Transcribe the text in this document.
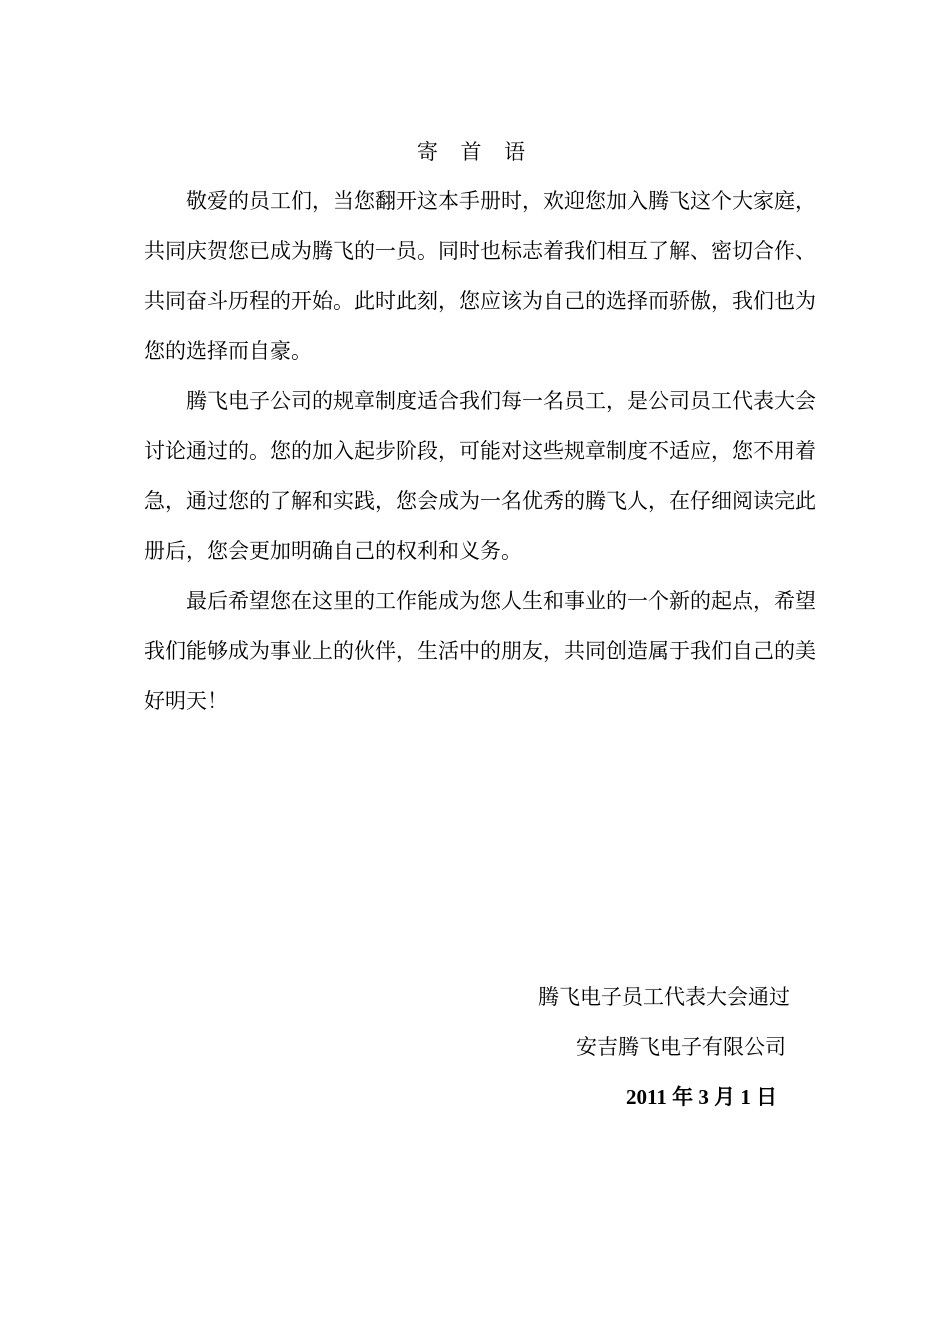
寄 首 语

敬爱的员工们，当您翻开这本手册时，欢迎您加入腾飞这个大家庭，共同庆贺您已成为腾飞的一员。同时也标志着我们相互了解、密切合作、共同奋斗历程的开始。此时此刻，您应该为自己的选择而骄傲，我们也为您的选择而自豪。

腾飞电子公司的规章制度适合我们每一名员工，是公司员工代表大会讨论通过的。您的加入起步阶段，可能对这些规章制度不适应，您不用着急，通过您的了解和实践，您会成为一名优秀的腾飞人，在仔细阅读完此册后，您会更加明确自己的权利和义务。

最后希望您在这里的工作能成为您人生和事业的一个新的起点，希望我们能够成为事业上的伙伴，生活中的朋友，共同创造属于我们自己的美好明天！

腾飞电子员工代表大会通过
安吉腾飞电子有限公司
2011 年 3 月 1 日
